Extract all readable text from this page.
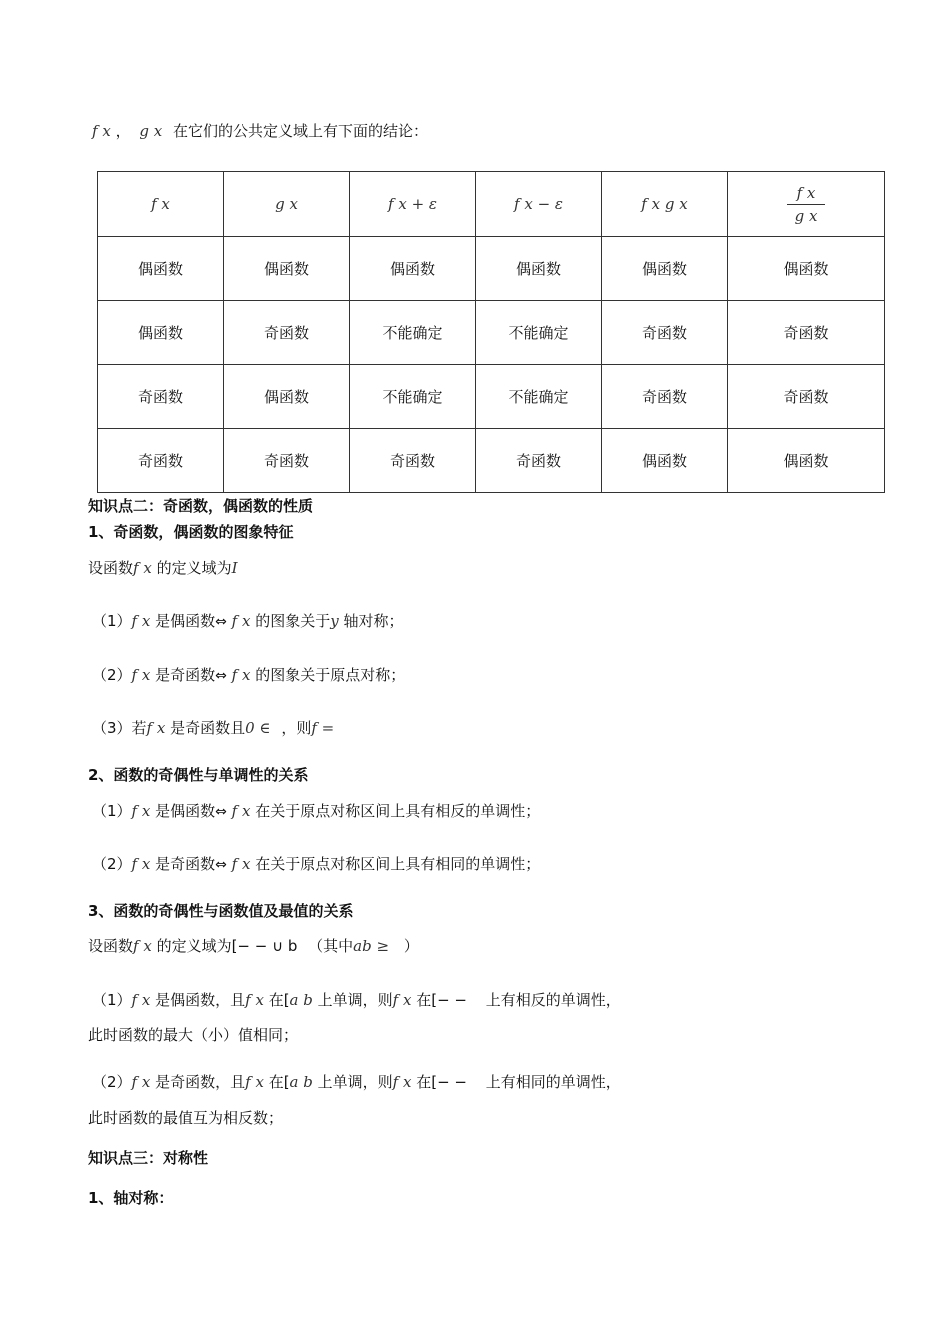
f x ， g x 在它们的公共定义域上有下面的结论：
f x	g x	f x + ε	f x − ε	f x g x	$\frac{\text{f x}}{\text{g x}}$

偶函数	偶函数	偶函数	偶函数	偶函数	偶函数
偶函数	奇函数	不能确定	不能确定	奇函数	奇函数
奇函数	偶函数	不能确定	不能确定	奇函数	奇函数
奇函数	奇函数	奇函数	奇函数	偶函数	偶函数
知识点二：奇函数，偶函数的性质
1、奇函数，偶函数的图象特征
设函数f x 的定义域为I
（1）f x 是偶函数⇔ f x 的图象关于y 轴对称；
（2）f x 是奇函数⇔ f x 的图象关于原点对称；
（3）若f x 是奇函数且0 ∈ ，则f =
2、函数的奇偶性与单调性的关系
（1）f x 是偶函数⇔ f x 在关于原点对称区间上具有相反的单调性；
（2）f x 是奇函数⇔ f x 在关于原点对称区间上具有相同的单调性；
3、函数的奇偶性与函数值及最值的关系
设函数f x 的定义域为[− − ∪ b （其中ab ≥ ）
（1）f x 是偶函数，且f x 在[a b 上单调，则f x 在[− − 上有相反的单调性，
此时函数的最大（小）值相同；
（2）f x 是奇函数，且f x 在[a b 上单调，则f x 在[− − 上有相同的单调性，
此时函数的最值互为相反数；
知识点三：对称性
1、轴对称：
